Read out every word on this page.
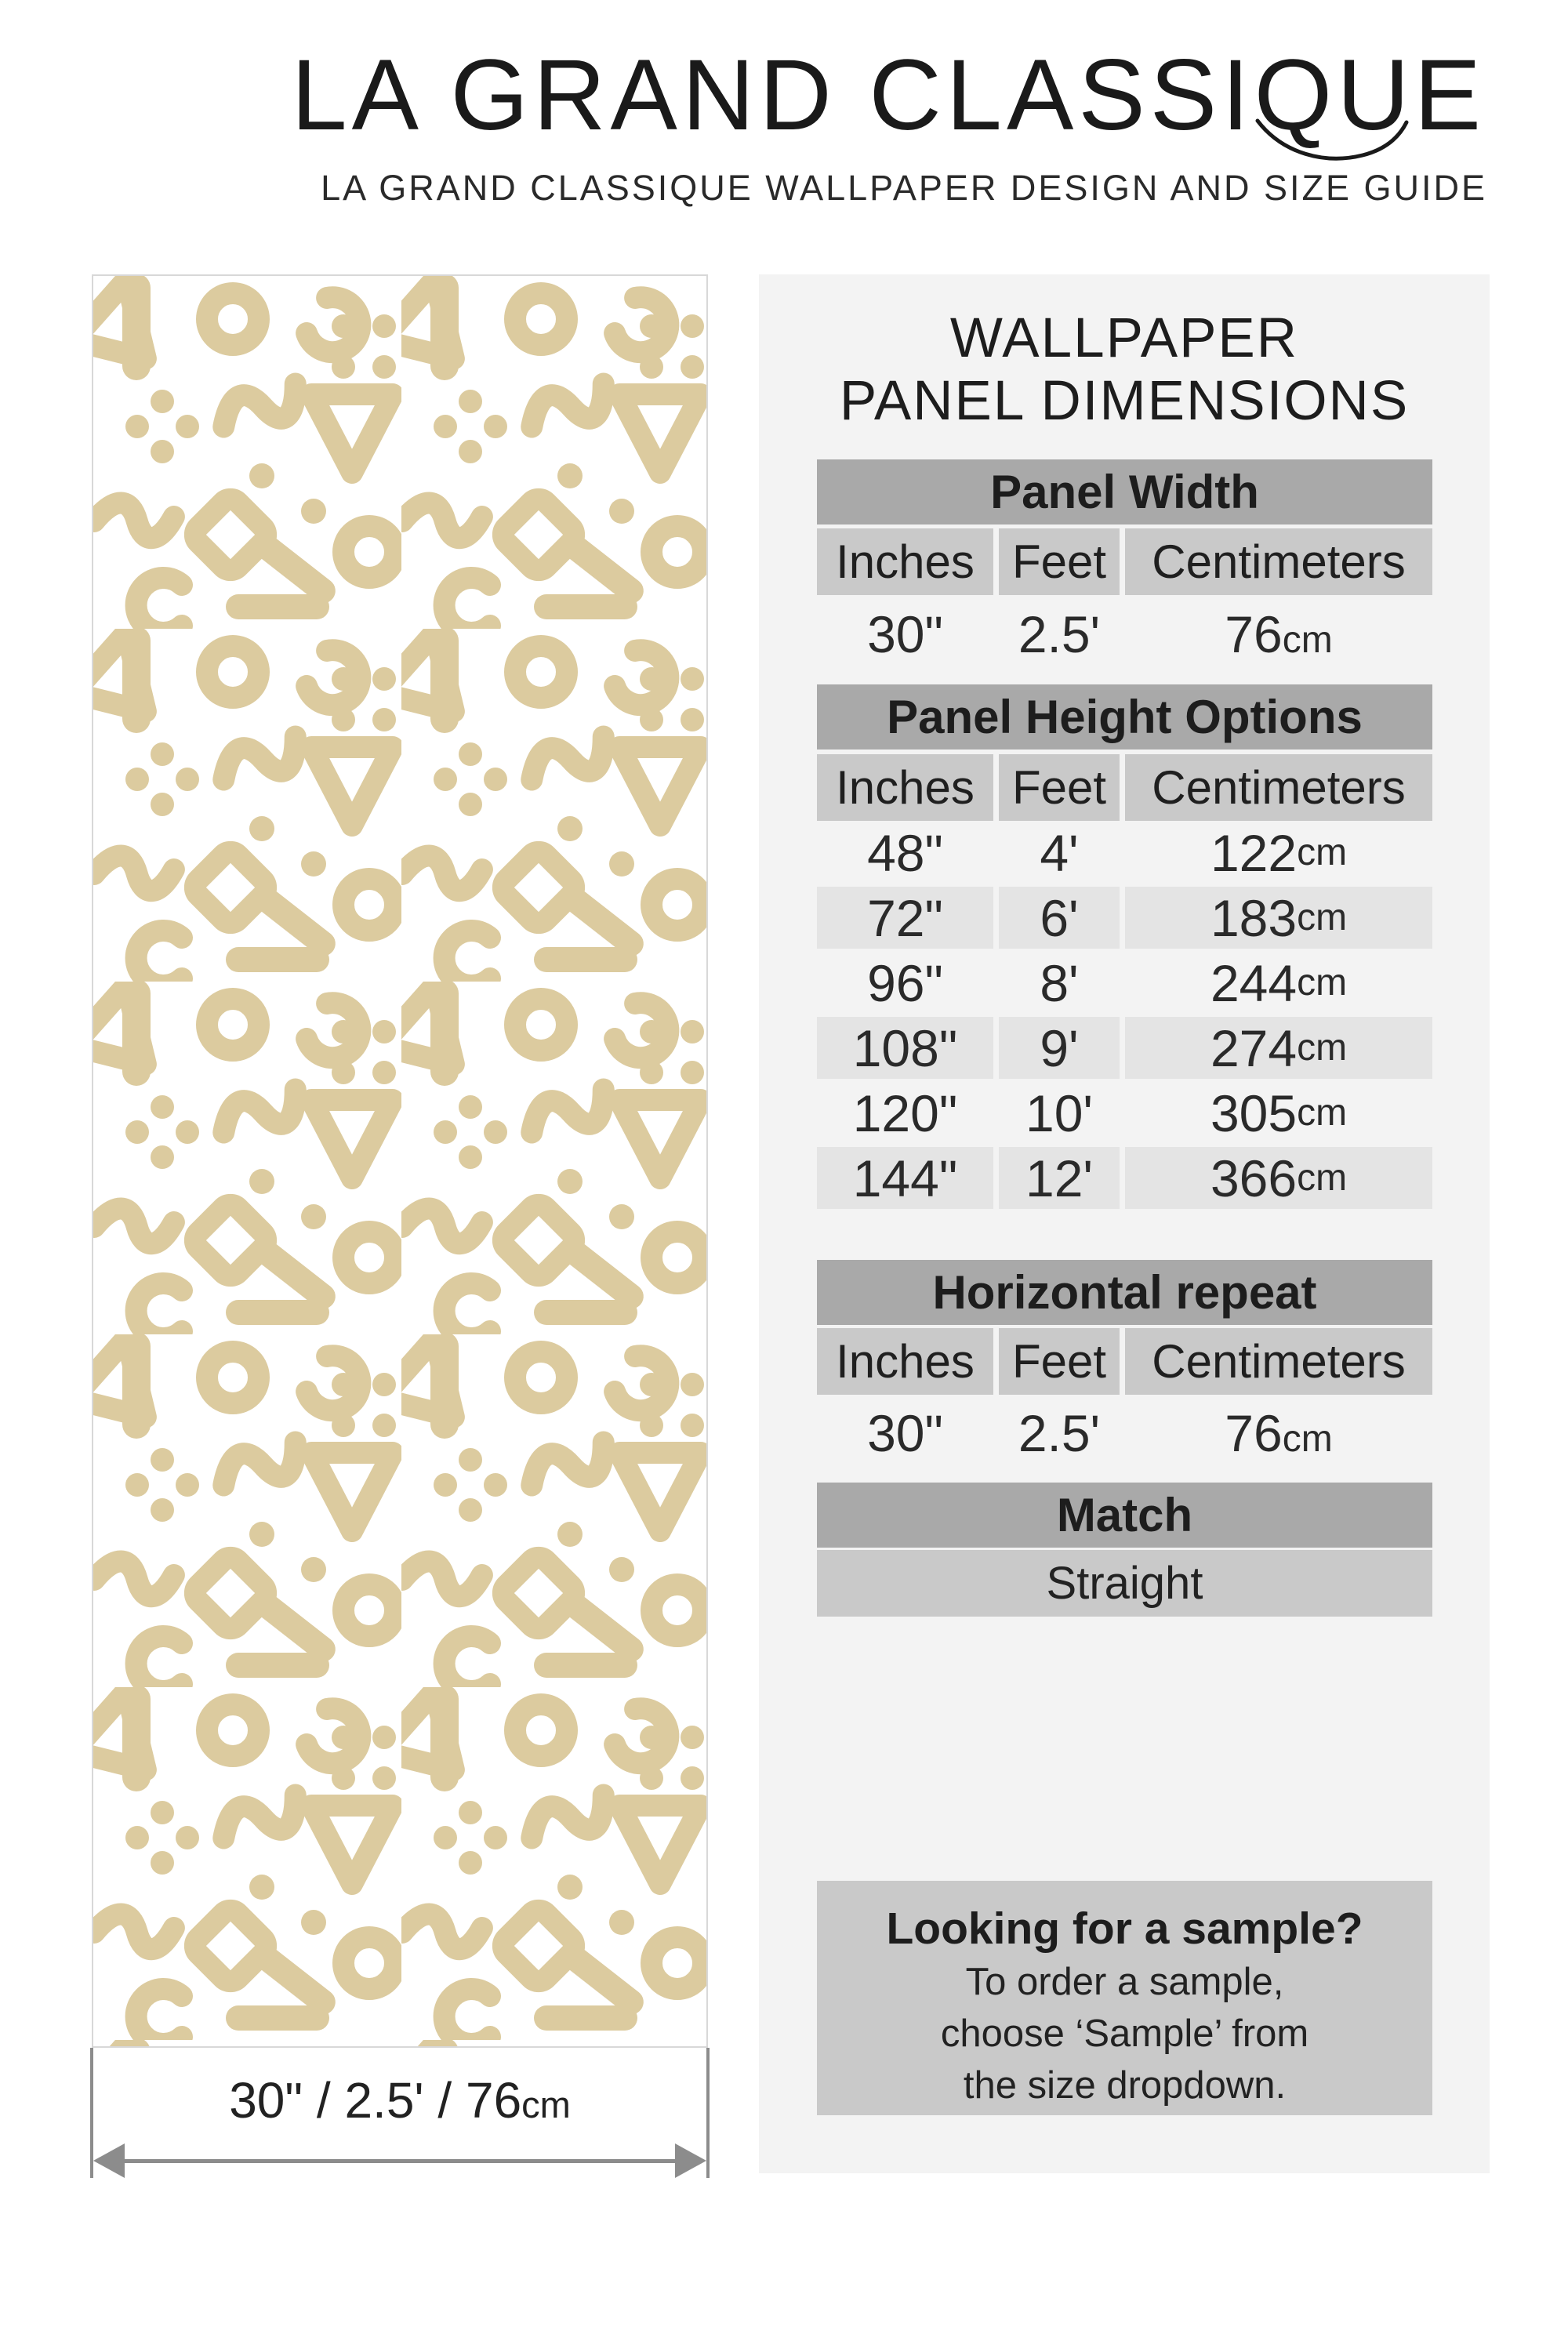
LA GRAND CLASSIQUE
LA GRAND CLASSIQUE WALLPAPER DESIGN AND SIZE GUIDE
30" / 2.5' / 76cm
WALLPAPER
PANEL DIMENSIONS
Panel Width
Inches Feet Centimeters
30" 2.5' 76 cm
Panel Height Options
Inches Feet Centimeters
48" 4'	122 cm
72" 6'	183 cm
96" 8'	244 cm
108" 9'	274 cm
120" 10' 305 cm
144" 12' 366 cm
Horizontal repeat
Inches Feet Centimeters
30" 2.5' 76 cm
Match
Straight
Looking for a sample?
To order a sample,
choose ‘Sample’ from
the size dropdown.
